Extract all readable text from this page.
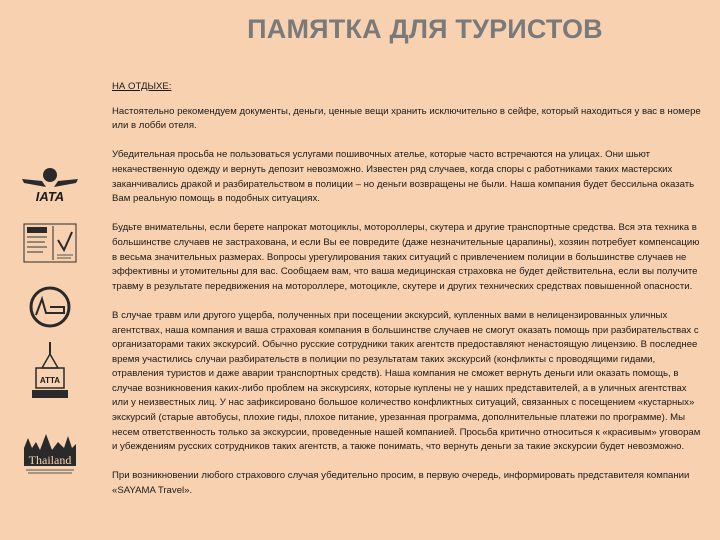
ПАМЯТКА ДЛЯ ТУРИСТОВ
НА ОТДЫХЕ:

Настоятельно рекомендуем документы, деньги, ценные вещи хранить исключительно в сейфе, который находиться у вас в номере или в лобби отеля.

Убедительная просьба не пользоваться услугами пошивочных ателье, которые часто встречаются на улицах. Они шьют некачественную одежду и вернуть депозит невозможно. Известен ряд случаев, когда споры с работниками таких мастерских заканчивались дракой и разбирательством в полиции – но деньги возвращены не были. Наша компания будет бессильна оказать Вам реальную помощь в подобных ситуациях.

Будьте внимательны, если берете напрокат мотоциклы, мотороллеры, скутера и другие транспортные средства. Вся эта техника в большинстве случаев не застрахована, и если Вы ее повредите (даже незначительные царапины), хозяин потребует компенсацию в весьма значительных размерах. Вопросы урегулирования таких ситуаций с привлечением полиции в большинстве случаев не эффективны и утомительны для вас. Сообщаем вам, что ваша медицинская страховка не будет действительна, если вы получите травму в результате передвижения на мотороллере, мотоцикле, скутере и других технических средствах повышенной опасности.

В случае травм или другого ущерба, полученных при посещении экскурсий, купленных вами в нелицензированных уличных агентствах, наша компания и ваша страховая компания в большинстве случаев не смогут оказать помощь при разбирательствах с организаторами таких экскурсий. Обычно русские сотрудники таких агентств предоставляют ненастоящую лицензию. В последнее время участились случаи разбирательств в полиции по результатам таких экскурсий (конфликты с проводящими гидами, отравления туристов и даже аварии транспортных средств). Наша компания не сможет вернуть деньги или оказать помощь, в случае возникновения каких-либо проблем на экскурсиях, которые куплены не у наших представителей, а в уличных агентствах или у неизвестных лиц. У нас зафиксировано большое количество конфликтных ситуаций, связанных с посещением «кустарных» экскурсий (старые автобусы, плохие гиды, плохое питание, урезанная программа, дополнительные платежи по программе). Мы несем ответственность только за экскурсии, проведенные нашей компанией. Просьба критично относиться к «красивым» уговорам и убеждениям русских сотрудников таких агентств, а также понимать, что вернуть деньги за такие экскурсии будет невозможно.

При возникновении любого страхового случая убедительно просим, в первую очередь, информировать представителя компании «SAYAMA Travel».

IATA
ATTA
Thailand
